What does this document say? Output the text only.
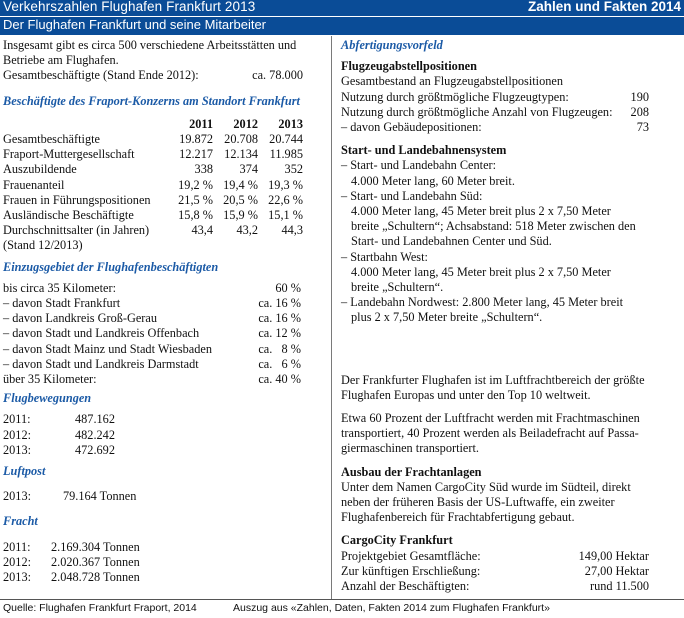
Verkehrszahlen Flughafen Frankfurt 2013	Zahlen und Fakten 2014
Der Flughafen Frankfurt und seine Mitarbeiter

Insgesamt gibt es circa 500 verschiedene Arbeitsstätten und

Betriebe am Flughafen.

Gesamtbeschäftigte (Stand Ende 2012):	ca. 78.000
Beschäftigte des Fraport-Konzerns am Standort Frankfurt
	2011	2012	2013
Gesamtbeschäftigte	19.872	20.708	20.744
Fraport-Muttergesellschaft	12.217	12.134	11.985
Auszubildende	338	374	352
Frauenanteil	19,2 %	19,4 %	19,3 %
Frauen in Führungspositionen	21,5 %	20,5 %	22,6 %
Ausländische Beschäftigte	15,8 %	15,9 %	15,1 %
Durchschnittsalter (in Jahren)	43,4	43,2	44,3
(Stand 12/2013)
Einzugsgebiet der Flughafenbeschäftigten
bis circa 35 Kilometer:	60 %
– davon Stadt Frankfurt	ca. 16 %
– davon Landkreis Groß-Gerau	ca. 16 %
– davon Stadt und Landkreis Offenbach	ca. 12 %
– davon Stadt Mainz und Stadt Wiesbaden	ca.   8 %
– davon Stadt und Landkreis Darmstadt	ca.   6 %
über 35 Kilometer:	ca. 40 %
Flugbewegungen
2011:	487.162
2012:	482.242
2013:	472.692
Luftpost
2013:	79.164 Tonnen
Fracht
2011:	2.169.304 Tonnen
2012:	2.020.367 Tonnen
2013:	2.048.728 Tonnen
Abfertigungsvorfeld
Flugzeugabstellpositionen
Gesamtbestand an Flugzeugabstellpositionen
Nutzung durch größtmögliche Flugzeugtypen:	190
Nutzung durch größtmögliche Anzahl von Flugzeugen:	208
– davon Gebäudepositionen:	73
Start- und Landebahnensystem
– Start- und Landebahn Center:
4.000 Meter lang, 60 Meter breit.
– Start- und Landebahn Süd:
4.000 Meter lang, 45 Meter breit plus 2 x 7,50 Meter
breite „Schultern“; Achsabstand: 518 Meter zwischen den
Start- und Landebahnen Center und Süd.
– Startbahn West:
4.000 Meter lang, 45 Meter breit plus 2 x 7,50 Meter
breite „Schultern“.
– Landebahn Nordwest: 2.800 Meter lang, 45 Meter breit
plus 2 x 7,50 Meter breite „Schultern“.

Der Frankfurter Flughafen ist im Luftfrachtbereich der größte

Flughafen Europas und unter den Top 10 weltweit.

Etwa 60 Prozent der Luftfracht werden mit Frachtmaschinen

transportiert, 40 Prozent werden als Beiladefracht auf Passa-

giermaschinen transportiert.

Ausbau der Frachtanlagen

Unter dem Namen CargoCity Süd wurde im Südteil, direkt

neben der früheren Basis der US-Luftwaffe, ein zweiter

Flughafenbereich für Frachtabfertigung gebaut.

CargoCity Frankfurt
Projektgebiet Gesamtfläche:	149,00 Hektar
Zur künftigen Erschließung:	27,00 Hektar
Anzahl der Beschäftigten:	rund 11.500
Quelle: Flughafen Frankfurt Fraport, 2014	Auszug aus «Zahlen, Daten, Fakten 2014 zum Flughafen Frankfurt»
